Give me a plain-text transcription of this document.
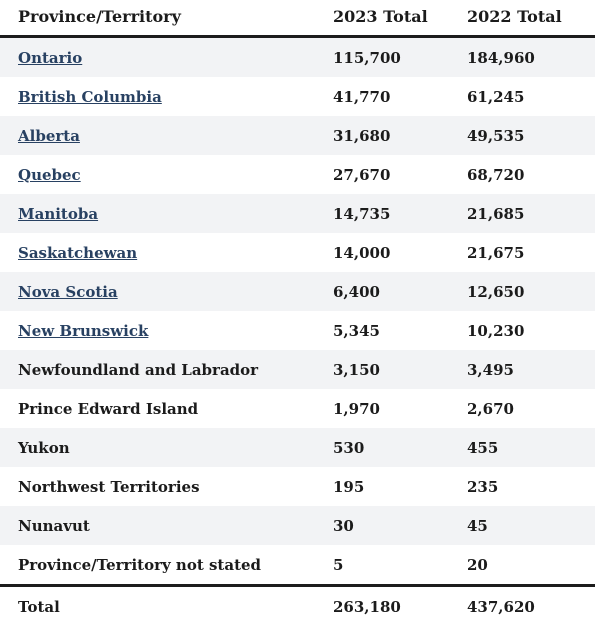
Province/Territory	2023 Total	2022 Total
Ontario	115,700	184,960
British Columbia	41,770	61,245
Alberta	31,680	49,535
Quebec	27,670	68,720
Manitoba	14,735	21,685
Saskatchewan	14,000	21,675
Nova Scotia	6,400	12,650
New Brunswick	5,345	10,230
Newfoundland and Labrador	3,150	3,495
Prince Edward Island	1,970	2,670
Yukon	530	455
Northwest Territories	195	235
Nunavut	30	45
Province/Territory not stated	5	20
Total	263,180	437,620
